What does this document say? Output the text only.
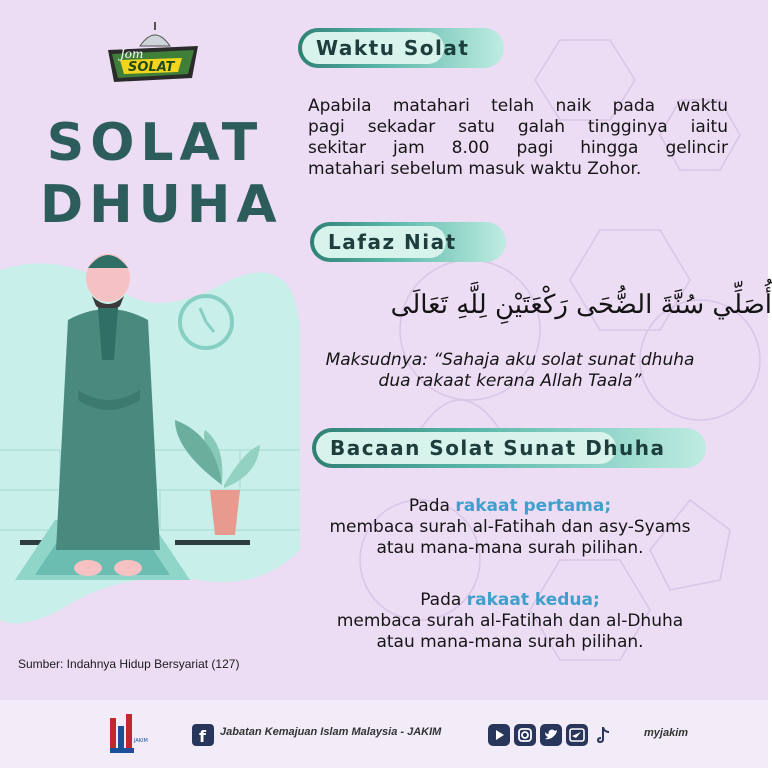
Jom
SOLAT
SOLAT
DHUHA
Waktu Solat
Apabila matahari telah naik pada waktu
pagi sekadar satu galah tingginya iaitu
sekitar jam 8.00 pagi hingga gelincir
matahari sebelum masuk waktu Zohor.
Lafaz Niat
أُصَلِّي سُنَّةَ الضُّحَى رَكْعَتَيْنِ لِلَّهِ تَعَالَى
Maksudnya: “Sahaja aku solat sunat dhuha
dua rakaat kerana Allah Taala”
Bacaan Solat Sunat Dhuha
Pada rakaat pertama;
membaca surah al-Fatihah dan asy-Syams
atau mana-mana surah pilihan.
Pada rakaat kedua;
membaca surah al-Fatihah dan al-Dhuha
atau mana-mana surah pilihan.
Sumber: Indahnya Hidup Bersyariat (127)
JAKIM	f Jabatan Kemajuan Islam Malaysia - JAKIM	myjakim
